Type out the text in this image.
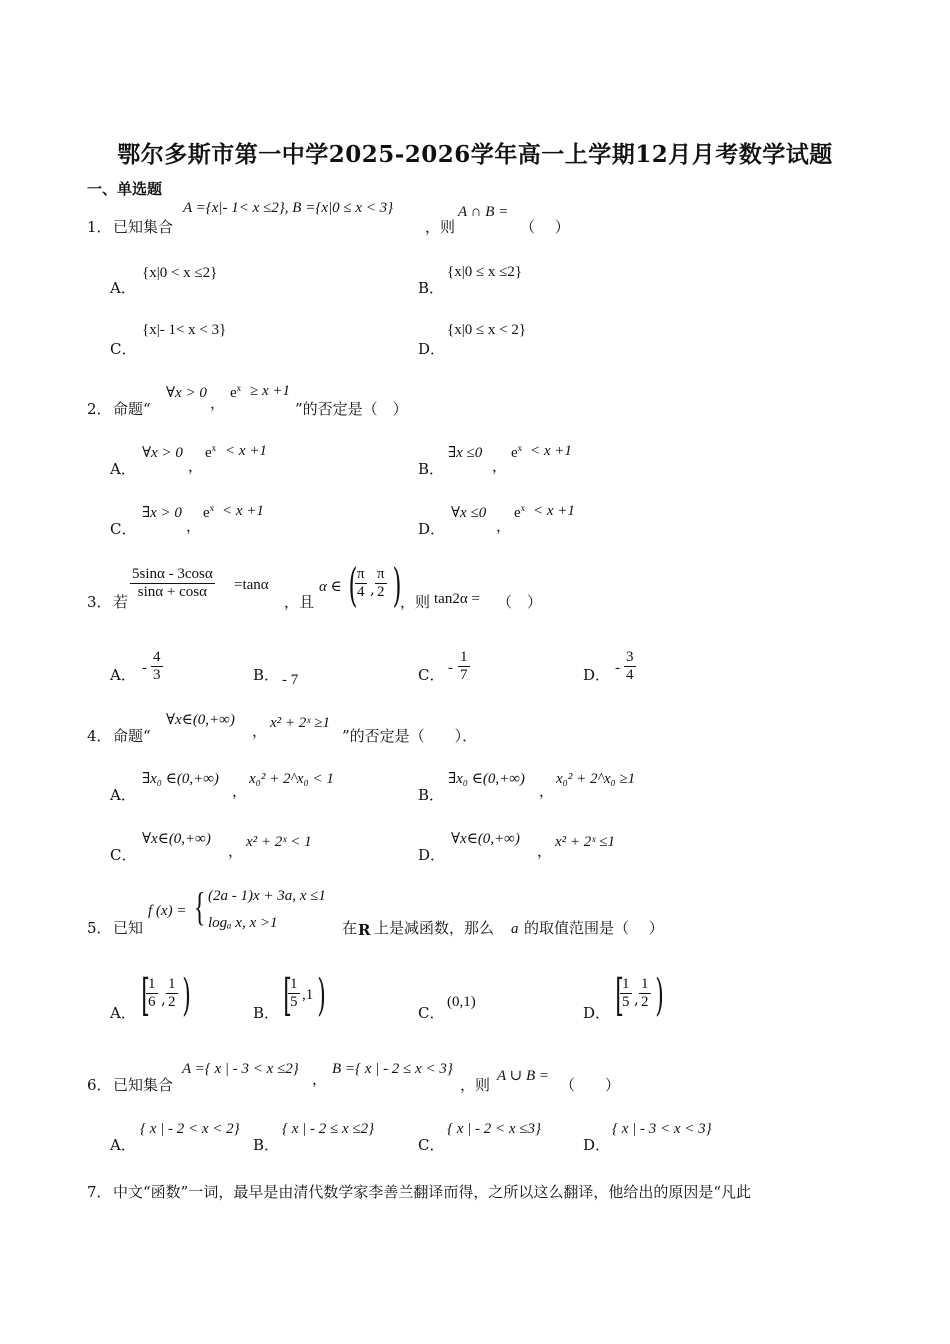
鄂尔多斯市第一中学2025-2026学年高一上学期12月月考数学试题
一、单选题
1． 已知集合
A ={x|- 1< x ≤2}, B ={x|0 ≤ x < 3}
，则
A ∩ B =
（　 ）
A．
{x|0 < x ≤2}
B．
{x|0 ≤ x ≤2}
C．
{x|- 1< x < 3}
D．
{x|0 ≤ x < 2}
2． 命题“
∀x > 0
，
$e^x \ge x +1$
”的否定是（　）
A．
∀x > 0
，
$e^x < x +1$
B．
∃x ≤0
，
$e^x < x +1$
C．
∃x > 0
，
$e^x < x +1$
D．
∀x ≤0
，
$e^x < x +1$
3． 若
5sinα - 3cosα
sinα + cosα =tanα
，且
α ∈ ( π
4 ,
π
2 )
，则 tan2α = （　）
A． -
4
3	B． - 7	C． -
1
7	D． -
3
4
4． 命题“
∀x∈(0,+∞)
， x² + 2ˣ ≥1
”的否定是（　　）．
A．
∃x₀ ∈(0,+∞)
，
x₀² + 2^x₀ < 1
B．
∃x₀ ∈(0,+∞)
，
x₀² + 2^x₀ ≥1
C．
∀x∈(0,+∞)
， x² + 2ˣ < 1
D．
∀x∈(0,+∞)
， x² + 2ˣ ≤1
5． 已知
f (x) = { (2a - 1)x + 3a, x ≤1
logₐ x, x >1	在 R 上是减函数，那么 a 的取值范围是（　 ）
A． [
1
6 ,
1
2 )	B． [
1
5 ,1 )	C．
(0,1)
D． [
1
5 ,
1
2 )
6． 已知集合
A ={ x | - 3 < x ≤2}
，
B ={ x | - 2 ≤ x < 3}
，则 A ∪ B = （　　）
A．
{ x | - 2 < x < 2}
B．
{ x | - 2 ≤ x ≤2}
C．
{ x | - 2 < x ≤3}
D．
{ x | - 3 < x < 3}
7． 中文“函数”一词，最早是由清代数学家李善兰翻译而得，之所以这么翻译，他给出的原因是“凡此
